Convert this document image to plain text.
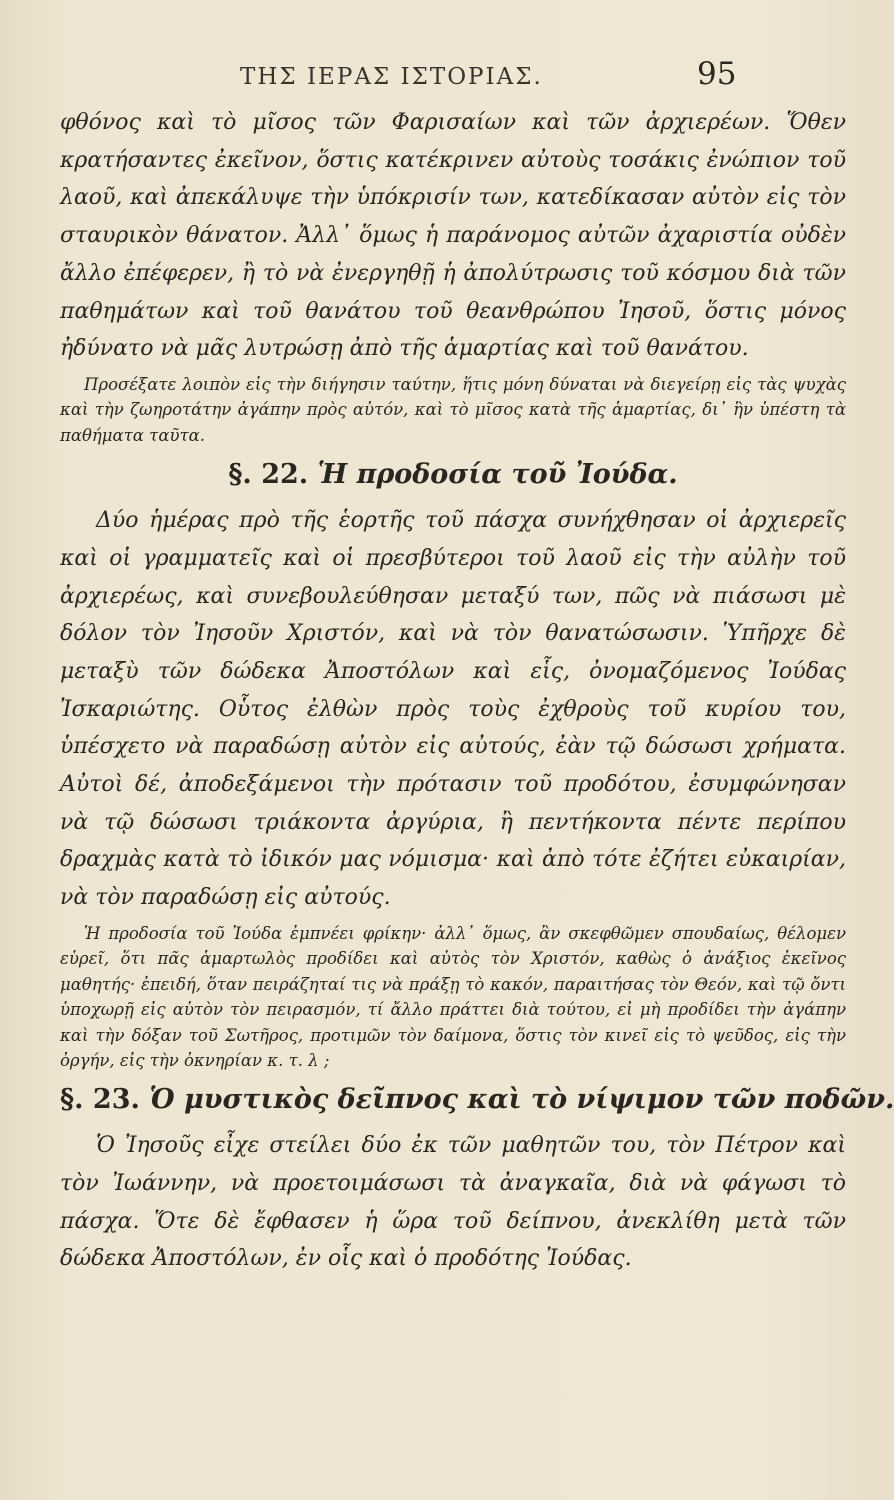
ΤΗΣ ΙΕΡΑΣ ΙΣΤΟΡΙΑΣ.	95

φθόνος καὶ τὸ μῖσος τῶν Φαρισαίων καὶ τῶν ἀρχιερέων. Ὅθεν κρατήσαντες ἐκεῖνον, ὅστις κατέκρινεν αὐτοὺς τοσάκις ἐνώπιον τοῦ λαοῦ, καὶ ἀπεκάλυψε τὴν ὑπόκρισίν των, κατεδίκασαν αὐτὸν εἰς τὸν σταυρικὸν θάνατον. Ἀλλ᾽ ὅμως ἡ παράνομος αὐτῶν ἀχαριστία οὐδὲν ἄλλο ἐπέφερεν, ἢ τὸ νὰ ἐνεργηθῇ ἡ ἀπολύτρωσις τοῦ κόσμου διὰ τῶν παθημάτων καὶ τοῦ θανάτου τοῦ θεανθρώπου Ἰησοῦ, ὅστις μόνος ἠδύνατο νὰ μᾶς λυτρώσῃ ἀπὸ τῆς ἁμαρτίας καὶ τοῦ θανάτου.

Προσέξατε λοιπὸν εἰς τὴν διήγησιν ταύτην, ἥτις μόνη δύναται νὰ διεγείρῃ εἰς τὰς ψυχὰς καὶ τὴν ζωηροτάτην ἀγάπην πρὸς αὐτόν, καὶ τὸ μῖσος κατὰ τῆς ἁμαρτίας, δι᾽ ἣν ὑπέστη τὰ παθήματα ταῦτα.

§. 22. Ἡ προδοσία τοῦ Ἰούδα.

Δύο ἡμέρας πρὸ τῆς ἑορτῆς τοῦ πάσχα συνήχθησαν οἱ ἀρχιερεῖς καὶ οἱ γραμματεῖς καὶ οἱ πρεσβύτεροι τοῦ λαοῦ εἰς τὴν αὐλὴν τοῦ ἀρχιερέως, καὶ συνεβουλεύθησαν μεταξύ των, πῶς νὰ πιάσωσι μὲ δόλον τὸν Ἰησοῦν Χριστόν, καὶ νὰ τὸν θανατώσωσιν. Ὑπῆρχε δὲ μεταξὺ τῶν δώδεκα Ἀποστόλων καὶ εἷς, ὀνομαζόμενος Ἰούδας Ἰσκαριώτης. Οὗτος ἐλθὼν πρὸς τοὺς ἐχθροὺς τοῦ κυρίου του, ὑπέσχετο νὰ παραδώσῃ αὐτὸν εἰς αὐτούς, ἐὰν τῷ δώσωσι χρήματα. Αὐτοὶ δέ, ἀποδεξάμενοι τὴν πρότασιν τοῦ προδότου, ἐσυμφώνησαν νὰ τῷ δώσωσι τριάκοντα ἀργύρια, ἢ πεντήκοντα πέντε περίπου δραχμὰς κατὰ τὸ ἰδικόν μας νόμισμα· καὶ ἀπὸ τότε ἐζήτει εὐκαιρίαν, νὰ τὸν παραδώσῃ εἰς αὐτούς.

Ἡ προδοσία τοῦ Ἰούδα ἐμπνέει φρίκην· ἀλλ᾽ ὅμως, ἂν σκεφθῶμεν σπουδαίως, θέλομεν εὑρεῖ, ὅτι πᾶς ἁμαρτωλὸς προδίδει καὶ αὐτὸς τὸν Χριστόν, καθὼς ὁ ἀνάξιος ἐκεῖνος μαθητής· ἐπειδή, ὅταν πειράζηταί τις νὰ πράξῃ τὸ κακόν, παραιτήσας τὸν Θεόν, καὶ τῷ ὄντι ὑποχωρῇ εἰς αὐτὸν τὸν πειρασμόν, τί ἄλλο πράττει διὰ τούτου, εἰ μὴ προδίδει τὴν ἀγάπην καὶ τὴν δόξαν τοῦ Σωτῆρος, προτιμῶν τὸν δαίμονα, ὅστις τὸν κινεῖ εἰς τὸ ψεῦδος, εἰς τὴν ὀργήν, εἰς τὴν ὀκνηρίαν κ. τ. λ ;

§. 23. Ὁ μυστικὸς δεῖπνος καὶ τὸ νίψιμον τῶν ποδῶν.

Ὁ Ἰησοῦς εἶχε στείλει δύο ἐκ τῶν μαθητῶν του, τὸν Πέτρον καὶ τὸν Ἰωάννην, νὰ προετοιμάσωσι τὰ ἀναγκαῖα, διὰ νὰ φάγωσι τὸ πάσχα. Ὅτε δὲ ἔφθασεν ἡ ὥρα τοῦ δείπνου, ἀνεκλίθη μετὰ τῶν δώδεκα Ἀποστόλων, ἐν οἷς καὶ ὁ προδότης Ἰούδας.
